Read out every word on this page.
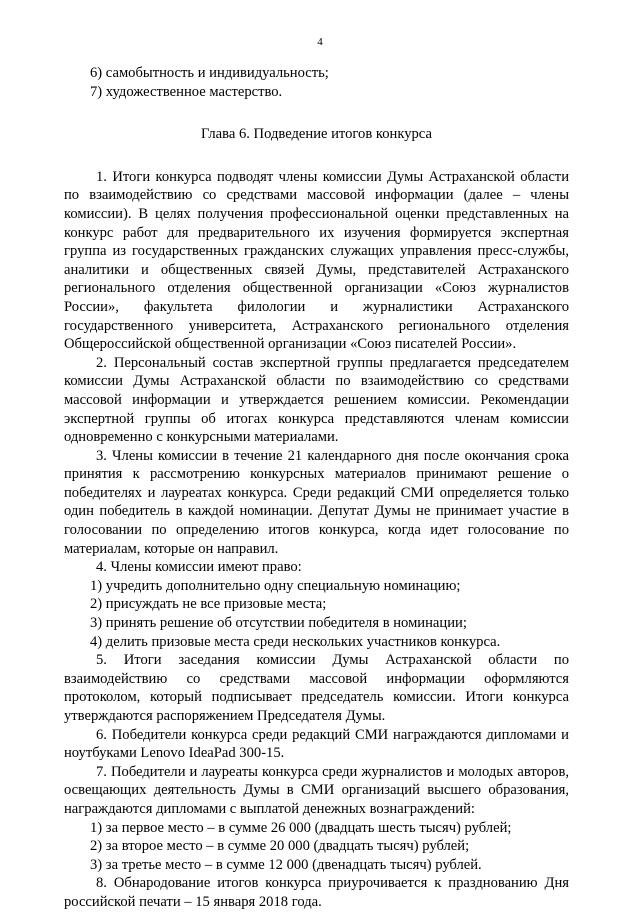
4

6) самобытность и индивидуальность;

7) художественное мастерство.

Глава 6. Подведение итогов конкурса

1. Итоги конкурса подводят члены комиссии Думы Астраханской области по взаимодействию со средствами массовой информации (далее – члены комиссии). В целях получения профессиональной оценки представленных на конкурс работ для предварительного их изучения формируется экспертная группа из государственных гражданских служащих управления пресс-службы, аналитики и общественных связей Думы, представителей Астраханского регионального отделения общественной организации «Союз журналистов России», факультета филологии и журналистики Астраханского государственного университета, Астраханского регионального отделения Общероссийской общественной организации «Союз писателей России».

2. Персональный состав экспертной группы предлагается председателем комиссии Думы Астраханской области по взаимодействию со средствами массовой информации и утверждается решением комиссии. Рекомендации экспертной группы об итогах конкурса представляются членам комиссии одновременно с конкурсными материалами.

3. Члены комиссии в течение 21 календарного дня после окончания срока принятия к рассмотрению конкурсных материалов принимают решение о победителях и лауреатах конкурса. Среди редакций СМИ определяется только один победитель в каждой номинации. Депутат Думы не принимает участие в голосовании по определению итогов конкурса, когда идет голосование по материалам, которые он направил.

4. Члены комиссии имеют право:

1) учредить дополнительно одну специальную номинацию;

2) присуждать не все призовые места;

3) принять решение об отсутствии победителя в номинации;

4) делить призовые места среди нескольких участников конкурса.

5. Итоги заседания комиссии Думы Астраханской области по взаимодействию со средствами массовой информации оформляются протоколом, который подписывает председатель комиссии. Итоги конкурса утверждаются распоряжением Председателя Думы.

6. Победители конкурса среди редакций СМИ награждаются дипломами и ноутбуками Lenovo IdeaPad 300-15.

7. Победители и лауреаты конкурса среди журналистов и молодых авторов, освещающих деятельность Думы в СМИ организаций высшего образования, награждаются дипломами с выплатой денежных вознаграждений:

1) за первое место – в сумме 26 000 (двадцать шесть тысяч) рублей;

2) за второе место – в сумме 20 000 (двадцать тысяч) рублей;

3) за третье место – в сумме 12 000 (двенадцать тысяч) рублей.

8. Обнародование итогов конкурса приурочивается к празднованию Дня российской печати – 15 января 2018 года.
